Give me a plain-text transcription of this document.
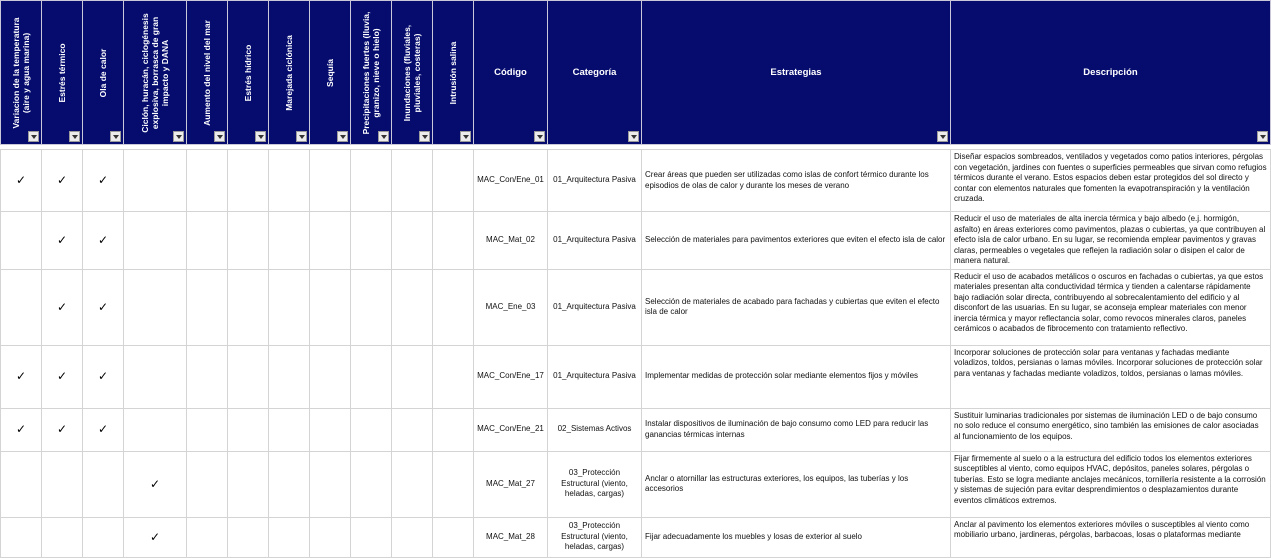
Variacion de la temperatura (aire y agua marina)	Estrés térmico	Ola de calor	Ciclón, huracán, ciclogénesis explosiva, borrasca de gran impacto y DANA	Aumento del nivel del mar	Estrés hídrico	Marejada ciclónica	Sequía	Precipitaciones fuertes (lluvia, granizo, nieve o hielo)	Inundaciones (fluviales, pluviales, costeras)	Intrusión salina	Código	Categoría	Estrategias	Descripción

✓	✓	✓									MAC_Con/Ene_01	01_Arquitectura Pasiva	Crear áreas que pueden ser utilizadas como islas de confort térmico durante los episodios de olas de calor y durante los meses de verano	Diseñar espacios sombreados, ventilados y vegetados como patios interiores, pérgolas con vegetación, jardines con fuentes o superficies permeables que sirvan como refugios térmicos durante el verano. Estos espacios deben estar protegidos del sol directo y contar con elementos naturales que fomenten la evapotranspiración y la ventilación cruzada.
	✓	✓									MAC_Mat_02	01_Arquitectura Pasiva	Selección de materiales para pavimentos exteriores que eviten el efecto isla de calor	Reducir el uso de materiales de alta inercia térmica y bajo albedo (e.j. hormigón, asfalto) en áreas exteriores como pavimentos, plazas o cubiertas, ya que contribuyen al efecto isla de calor urbano. En su lugar, se recomienda emplear pavimentos y gravas claras, permeables o vegetales que reflejen la radiación solar o disipen el calor de manera natural.
	✓	✓									MAC_Ene_03	01_Arquitectura Pasiva	Selección de materiales de acabado para fachadas y cubiertas que eviten el efecto isla de calor	Reducir el uso de acabados metálicos o oscuros en fachadas o cubiertas, ya que estos materiales presentan alta conductividad térmica y tienden a calentarse rápidamente bajo radiación solar directa, contribuyendo al sobrecalentamiento del edificio y al disconfort de las usuarias. En su lugar, se aconseja emplear materiales con menor inercia térmica y mayor reflectancia solar, como revocos minerales claros, paneles cerámicos o acabados de fibrocemento con tratamiento reflectivo.
✓	✓	✓									MAC_Con/Ene_17	01_Arquitectura Pasiva	Implementar medidas de protección solar mediante elementos fijos y móviles	Incorporar soluciones de protección solar para ventanas y fachadas mediante voladizos, toldos, persianas o lamas móviles. Incorporar soluciones de protección solar para ventanas y fachadas mediante voladizos, toldos, persianas o lamas móviles.
✓	✓	✓									MAC_Con/Ene_21	02_Sistemas Activos	Instalar dispositivos de iluminación de bajo consumo como LED para reducir las ganancias térmicas internas	Sustituir luminarias tradicionales por sistemas de iluminación LED o de bajo consumo no solo reduce el consumo energético, sino también las emisiones de calor asociadas al funcionamiento de los equipos.
			✓								MAC_Mat_27	03_Protección Estructural (viento, heladas, cargas)	Anclar o atornillar las estructuras exteriores, los equipos, las tuberías y los accesorios	Fijar firmemente al suelo o a la estructura del edificio todos los elementos exteriores susceptibles al viento, como equipos HVAC, depósitos, paneles solares, pérgolas o tuberías. Esto se logra mediante anclajes mecánicos, tornillería resistente a la corrosión y sistemas de sujeción para evitar desprendimientos o desplazamientos durante eventos climáticos extremos.
			✓								MAC_Mat_28	03_Protección Estructural (viento, heladas, cargas)	Fijar adecuadamente los muebles y losas de exterior al suelo	Anclar al pavimento los elementos exteriores móviles o susceptibles al viento como mobiliario urbano, jardineras, pérgolas, barbacoas, losas o plataformas mediante
